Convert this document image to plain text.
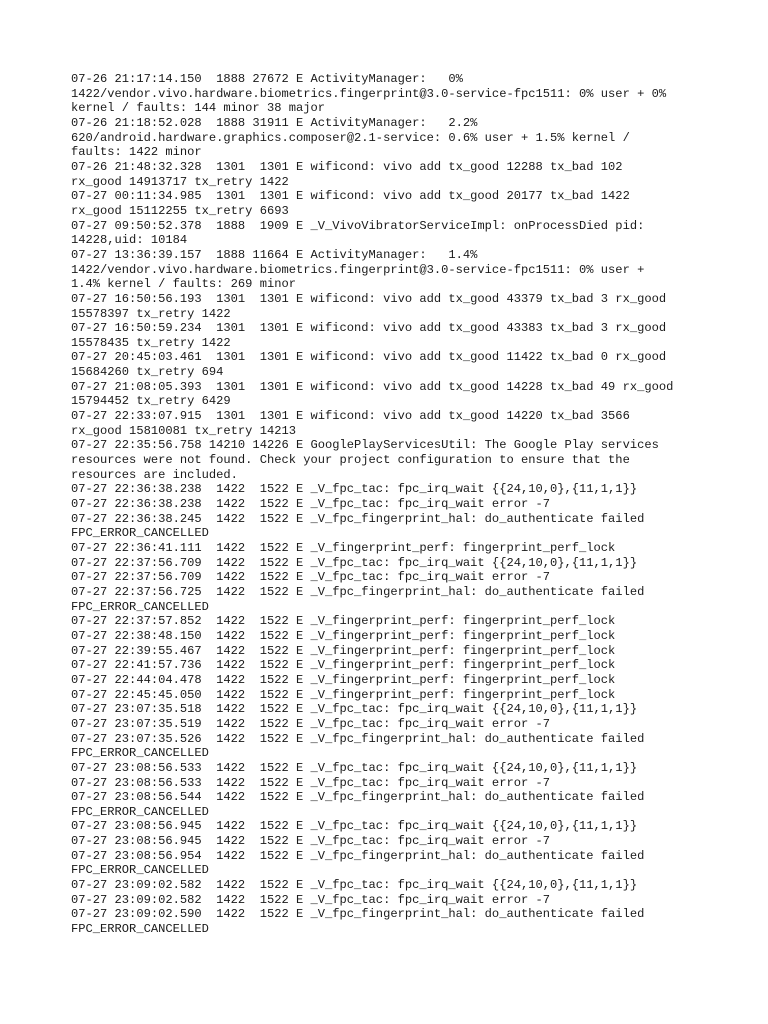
07-26 21:17:14.150  1888 27672 E ActivityManager:   0%
1422/vendor.vivo.hardware.biometrics.fingerprint@3.0-service-fpc1511: 0% user + 0%
kernel / faults: 144 minor 38 major
07-26 21:18:52.028  1888 31911 E ActivityManager:   2.2%
620/android.hardware.graphics.composer@2.1-service: 0.6% user + 1.5% kernel /
faults: 1422 minor
07-26 21:48:32.328  1301  1301 E wificond: vivo add tx_good 12288 tx_bad 102
rx_good 14913717 tx_retry 1422
07-27 00:11:34.985  1301  1301 E wificond: vivo add tx_good 20177 tx_bad 1422
rx_good 15112255 tx_retry 6693
07-27 09:50:52.378  1888  1909 E _V_VivoVibratorServiceImpl: onProcessDied pid:
14228,uid: 10184
07-27 13:36:39.157  1888 11664 E ActivityManager:   1.4%
1422/vendor.vivo.hardware.biometrics.fingerprint@3.0-service-fpc1511: 0% user +
1.4% kernel / faults: 269 minor
07-27 16:50:56.193  1301  1301 E wificond: vivo add tx_good 43379 tx_bad 3 rx_good
15578397 tx_retry 1422
07-27 16:50:59.234  1301  1301 E wificond: vivo add tx_good 43383 tx_bad 3 rx_good
15578435 tx_retry 1422
07-27 20:45:03.461  1301  1301 E wificond: vivo add tx_good 11422 tx_bad 0 rx_good
15684260 tx_retry 694
07-27 21:08:05.393  1301  1301 E wificond: vivo add tx_good 14228 tx_bad 49 rx_good
15794452 tx_retry 6429
07-27 22:33:07.915  1301  1301 E wificond: vivo add tx_good 14220 tx_bad 3566
rx_good 15810081 tx_retry 14213
07-27 22:35:56.758 14210 14226 E GooglePlayServicesUtil: The Google Play services
resources were not found. Check your project configuration to ensure that the
resources are included.
07-27 22:36:38.238  1422  1522 E _V_fpc_tac: fpc_irq_wait {{24,10,0},{11,1,1}}
07-27 22:36:38.238  1422  1522 E _V_fpc_tac: fpc_irq_wait error -7
07-27 22:36:38.245  1422  1522 E _V_fpc_fingerprint_hal: do_authenticate failed
FPC_ERROR_CANCELLED
07-27 22:36:41.111  1422  1522 E _V_fingerprint_perf: fingerprint_perf_lock
07-27 22:37:56.709  1422  1522 E _V_fpc_tac: fpc_irq_wait {{24,10,0},{11,1,1}}
07-27 22:37:56.709  1422  1522 E _V_fpc_tac: fpc_irq_wait error -7
07-27 22:37:56.725  1422  1522 E _V_fpc_fingerprint_hal: do_authenticate failed
FPC_ERROR_CANCELLED
07-27 22:37:57.852  1422  1522 E _V_fingerprint_perf: fingerprint_perf_lock
07-27 22:38:48.150  1422  1522 E _V_fingerprint_perf: fingerprint_perf_lock
07-27 22:39:55.467  1422  1522 E _V_fingerprint_perf: fingerprint_perf_lock
07-27 22:41:57.736  1422  1522 E _V_fingerprint_perf: fingerprint_perf_lock
07-27 22:44:04.478  1422  1522 E _V_fingerprint_perf: fingerprint_perf_lock
07-27 22:45:45.050  1422  1522 E _V_fingerprint_perf: fingerprint_perf_lock
07-27 23:07:35.518  1422  1522 E _V_fpc_tac: fpc_irq_wait {{24,10,0},{11,1,1}}
07-27 23:07:35.519  1422  1522 E _V_fpc_tac: fpc_irq_wait error -7
07-27 23:07:35.526  1422  1522 E _V_fpc_fingerprint_hal: do_authenticate failed
FPC_ERROR_CANCELLED
07-27 23:08:56.533  1422  1522 E _V_fpc_tac: fpc_irq_wait {{24,10,0},{11,1,1}}
07-27 23:08:56.533  1422  1522 E _V_fpc_tac: fpc_irq_wait error -7
07-27 23:08:56.544  1422  1522 E _V_fpc_fingerprint_hal: do_authenticate failed
FPC_ERROR_CANCELLED
07-27 23:08:56.945  1422  1522 E _V_fpc_tac: fpc_irq_wait {{24,10,0},{11,1,1}}
07-27 23:08:56.945  1422  1522 E _V_fpc_tac: fpc_irq_wait error -7
07-27 23:08:56.954  1422  1522 E _V_fpc_fingerprint_hal: do_authenticate failed
FPC_ERROR_CANCELLED
07-27 23:09:02.582  1422  1522 E _V_fpc_tac: fpc_irq_wait {{24,10,0},{11,1,1}}
07-27 23:09:02.582  1422  1522 E _V_fpc_tac: fpc_irq_wait error -7
07-27 23:09:02.590  1422  1522 E _V_fpc_fingerprint_hal: do_authenticate failed
FPC_ERROR_CANCELLED
